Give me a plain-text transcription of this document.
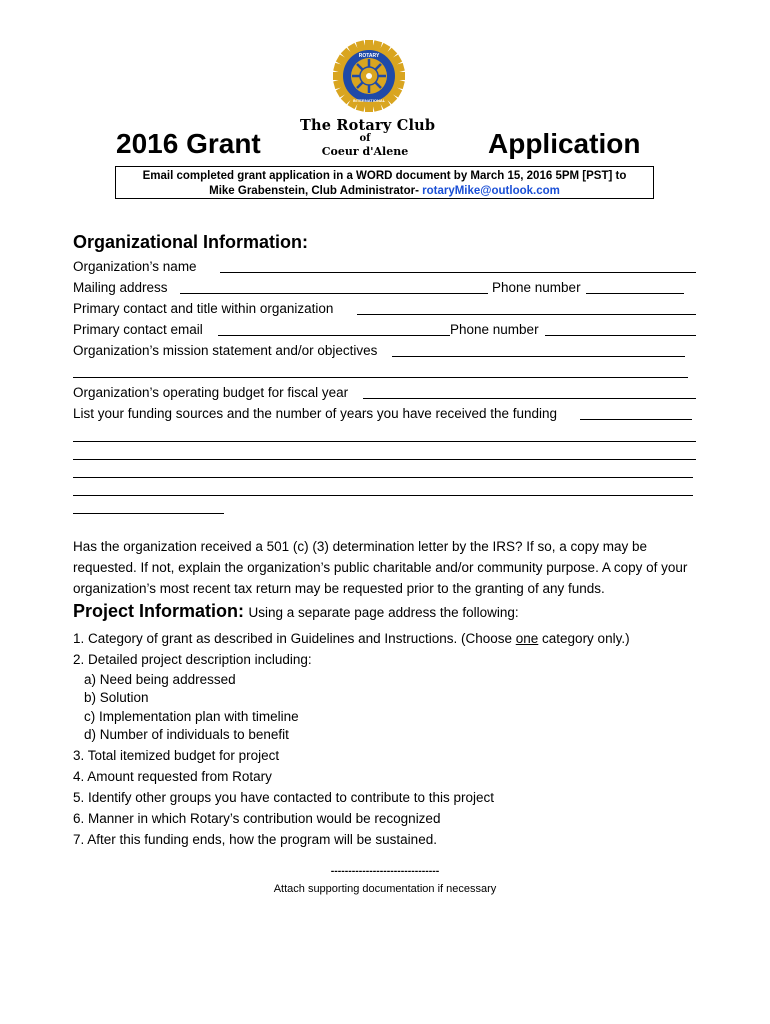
ROTARY
INTERNATIONAL
The Rotary Club
of
Coeur d'Alene
2016 Grant	Application
Email completed grant application in a WORD document by March 15, 2016 5PM [PST] to
Mike Grabenstein, Club Administrator- rotaryMike@outlook.com
Organizational Information:
Organization’s name
Mailing address	Phone number
Primary contact and title within organization
Primary contact email	Phone number
Organization’s mission statement and/or objectives
Organization’s operating budget for fiscal year
List your funding sources and the number of years you have received the funding
Has the organization received a 501 (c) (3) determination letter by the IRS? If so, a copy may be requested. If not, explain the organization’s public charitable and/or community purpose. A copy of your organization’s most recent tax return may be requested prior to the granting of any funds.
Project Information: Using a separate page address the following:
1. Category of grant as described in Guidelines and Instructions. (Choose one category only.)
2. Detailed project description including:
a) Need being addressed
b) Solution
c) Implementation plan with timeline
d) Number of individuals to benefit
3. Total itemized budget for project
4. Amount requested from Rotary
5. Identify other groups you have contacted to contribute to this project
6. Manner in which Rotary’s contribution would be recognized
7. After this funding ends, how the program will be sustained.
-------------------------------
Attach supporting documentation if necessary
